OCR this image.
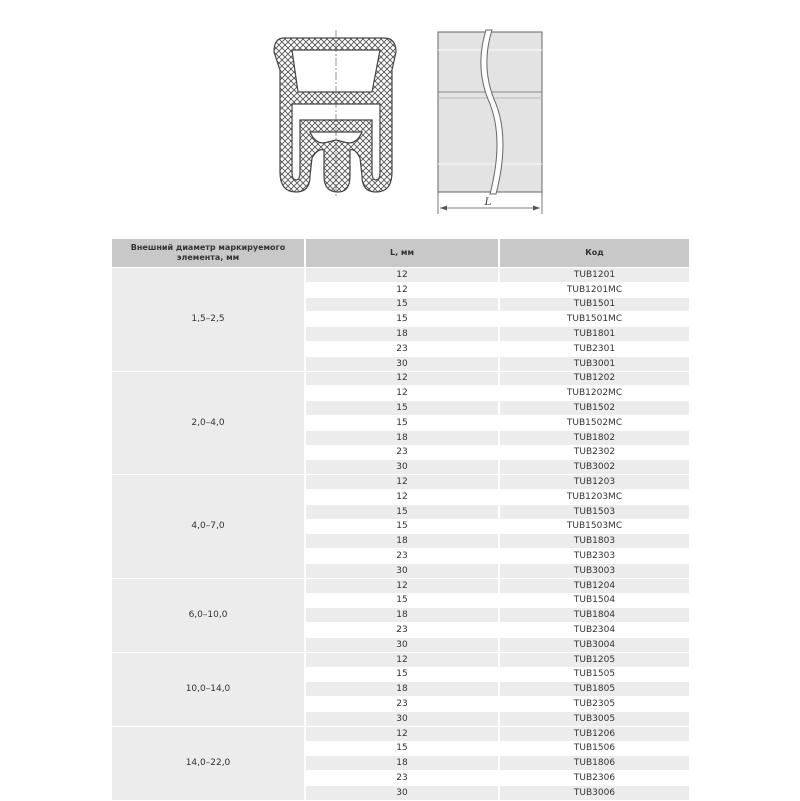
L
Внешний диаметр маркируемого элемента, мм	L, мм	Код
1,5–2,5	12	TUB1201
	12	TUB1201MC
	15	TUB1501
	15	TUB1501MC
	18	TUB1801
	23	TUB2301
	30	TUB3001
2,0–4,0	12	TUB1202
	12	TUB1202MC
	15	TUB1502
	15	TUB1502MC
	18	TUB1802
	23	TUB2302
	30	TUB3002
4,0–7,0	12	TUB1203
	12	TUB1203MC
	15	TUB1503
	15	TUB1503MC
	18	TUB1803
	23	TUB2303
	30	TUB3003
6,0–10,0	12	TUB1204
	15	TUB1504
	18	TUB1804
	23	TUB2304
	30	TUB3004
10,0–14,0	12	TUB1205
	15	TUB1505
	18	TUB1805
	23	TUB2305
	30	TUB3005
14,0–22,0	12	TUB1206
	15	TUB1506
	18	TUB1806
	23	TUB2306
	30	TUB3006
